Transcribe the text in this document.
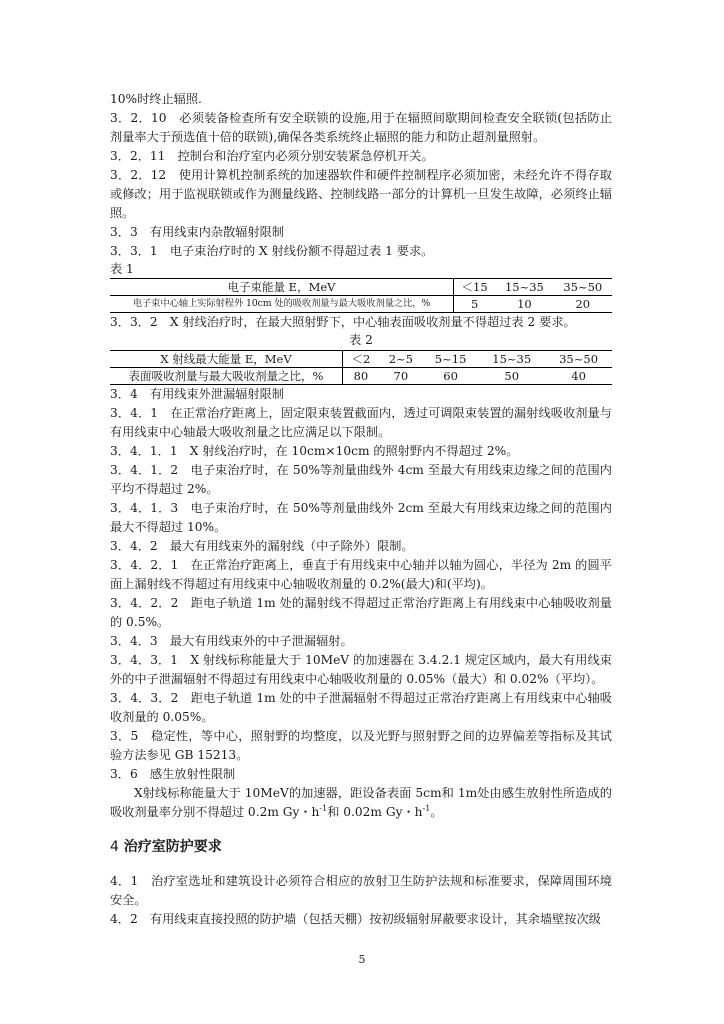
10%时终止辐照.

3．2．10　必须装备检查所有安全联锁的设施,用于在辐照间歇期间检查安全联锁(包括防止剂量率大于预选值十倍的联锁),确保各类系统终止辐照的能力和防止超剂量照射。

3．2．11　控制台和治疗室内必须分别安装紧急停机开关。

3．2．12　使用计算机控制系统的加速器软件和硬件控制程序必须加密，未经允许不得存取或修改；用于监视联锁或作为测量线路、控制线路一部分的计算机一旦发生故障，必须终止辐照。

3．3　有用线束内杂散辐射限制

3．3．1　电子束治疗时的 X 射线份额不得超过表 1 要求。

表 1
电子束能量 E，MeV	＜15	15~35	35~50
电子束中心轴上实际射程外 10cm 处的吸收剂量与最大吸收剂量之比，%	5	10	20

3．3．2　X 射线治疗时，在最大照射野下，中心轴表面吸收剂量不得超过表 2 要求。

表 2
X 射线最大能量 E，MeV	＜2	2~5	5~15	15~35	35~50
表面吸收剂量与最大吸收剂量之比，%	80	70	60	50	40

3．4　有用线束外泄漏辐射限制

3．4．1　在正常治疗距离上，固定限束装置截面内，透过可调限束装置的漏射线吸收剂量与有用线束中心轴最大吸收剂量之比应满足以下限制。

3．4．1．1　X 射线治疗时，在 10cm×10cm 的照射野内不得超过 2%。

3．4．1．2　电子束治疗时，在 50%等剂量曲线外 4cm 至最大有用线束边缘之间的范围内平均不得超过 2%。

3．4．1．3　电子束治疗时，在 50%等剂量曲线外 2cm 至最大有用线束边缘之间的范围内最大不得超过 10%。

3．4．2　最大有用线束外的漏射线（中子除外）限制。

3．4．2．1　在正常治疗距离上，垂直于有用线束中心轴并以轴为圆心，半径为 2m 的圆平面上漏射线不得超过有用线束中心轴吸收剂量的 0.2%(最大)和(平均)。

3．4．2．2　距电子轨道 1m 处的漏射线不得超过正常治疗距离上有用线束中心轴吸收剂量的 0.5%。

3．4．3　最大有用线束外的中子泄漏辐射。

3．4．3．1　X 射线标称能量大于 10MeV 的加速器在 3.4.2.1 规定区域内，最大有用线束外的中子泄漏辐射不得超过有用线束中心轴吸收剂量的 0.05%（最大）和 0.02%（平均）。

3．4．3．2　距电子轨道 1m 处的中子泄漏辐射不得超过正常治疗距离上有用线束中心轴吸收剂量的 0.05%。

3．5　稳定性，等中心，照射野的均整度，以及光野与照射野之间的边界偏差等指标及其试验方法参见 GB 15213。

3．6　感生放射性限制

X射线标称能量大于 10MeV的加速器，距设备表面 5cm和 1m处由感生放射性所造成的吸收剂量率分别不得超过 0.2m Gy・$h^{-1}$和 0.02m Gy・$h^{-1}$。

4 治疗室防护要求

4．1　治疗室选址和建筑设计必须符合相应的放射卫生防护法规和标准要求，保障周围环境安全。

4．2　有用线束直接投照的防护墙（包括天棚）按初级辐射屏蔽要求设计，其余墙壁按次级

5
